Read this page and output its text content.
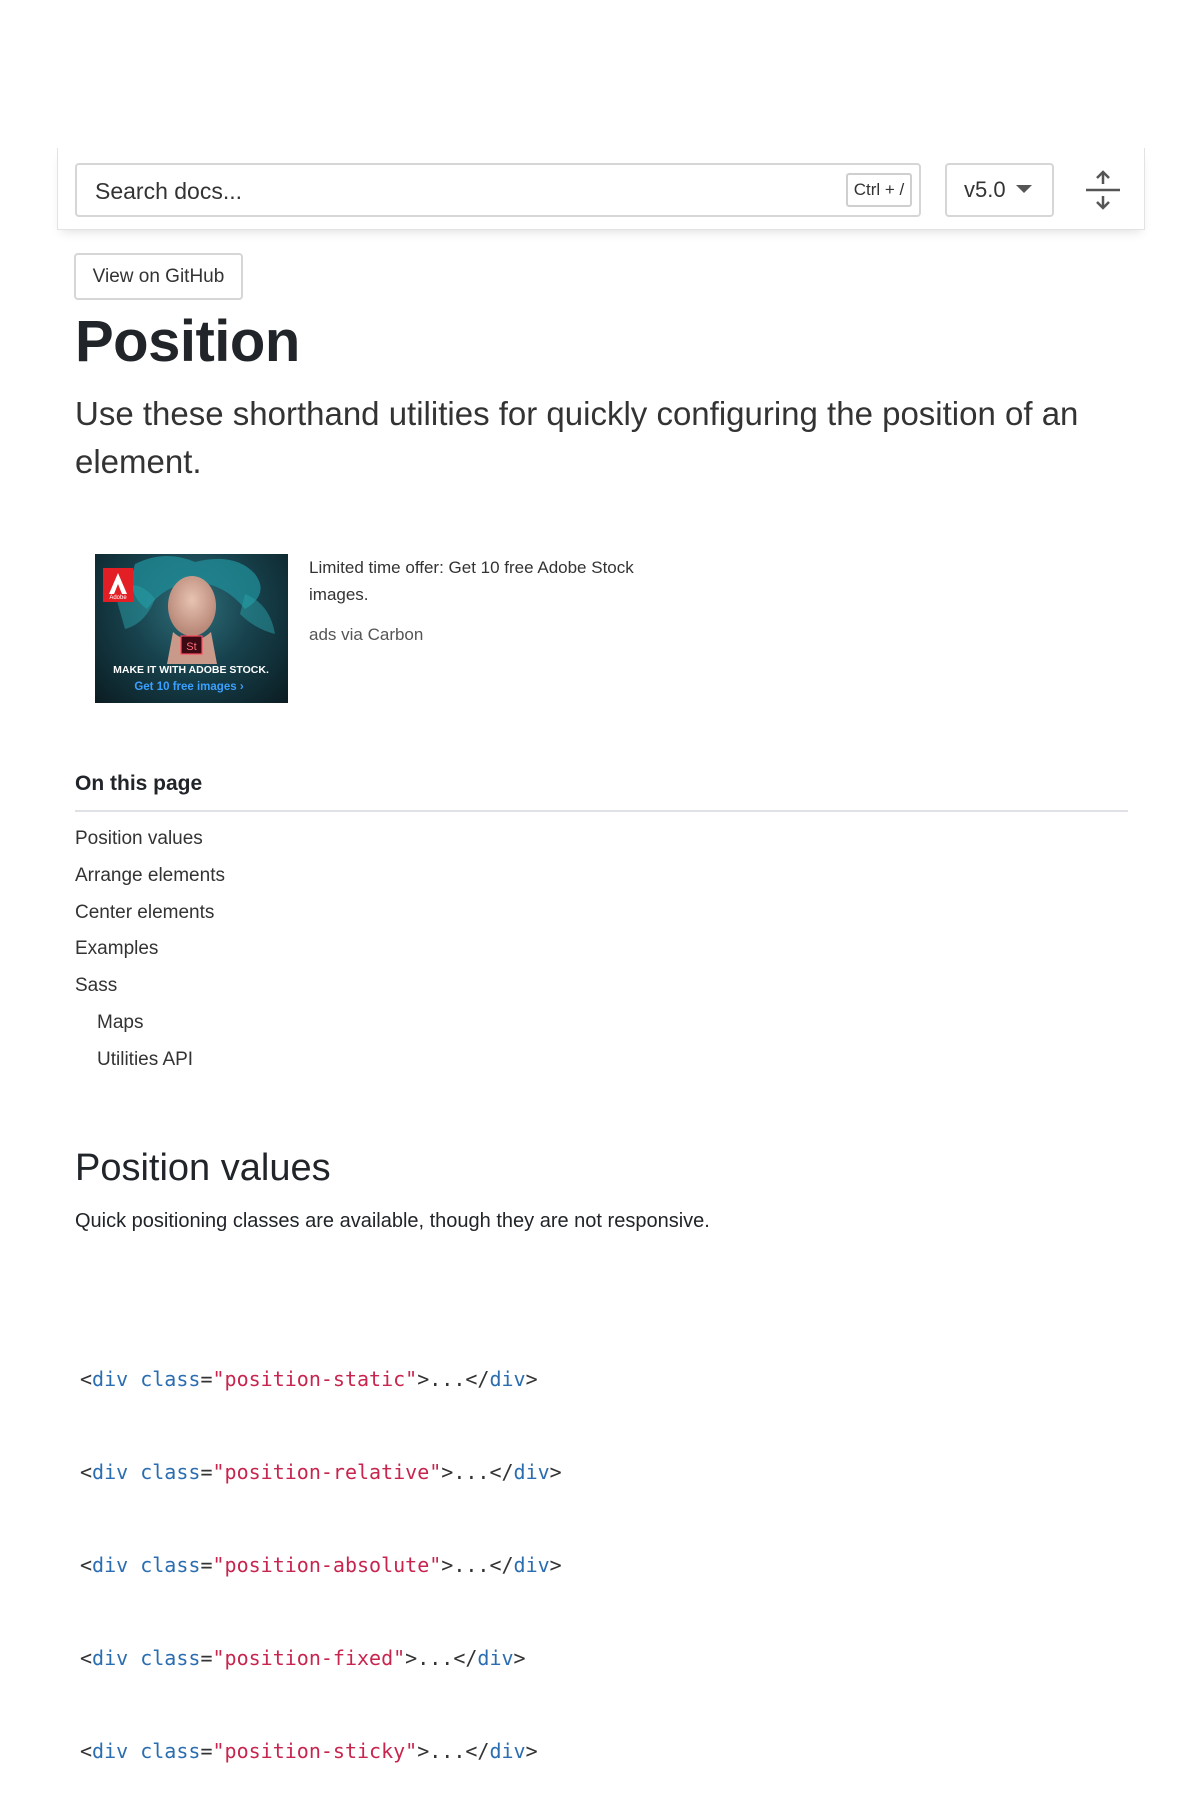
Search docs...	Ctrl + /	v5.0
View on GitHub
Position

Use these shorthand utilities for quickly configuring the position of an element.

Adobe
St
MAKE IT WITH ADOBE STOCK.
Get 10 free images ›
Limited time offer: Get 10 free Adobe Stock images.
ads via Carbon
On this page
Position values
Arrange elements
Center elements
Examples
Sass
Maps
Utilities API
Position values

Quick positioning classes are available, though they are not responsive.

<div class="position-static">...</div>

<div class="position-relative">...</div>

<div class="position-absolute">...</div>

<div class="position-fixed">...</div>

<div class="position-sticky">...</div>
